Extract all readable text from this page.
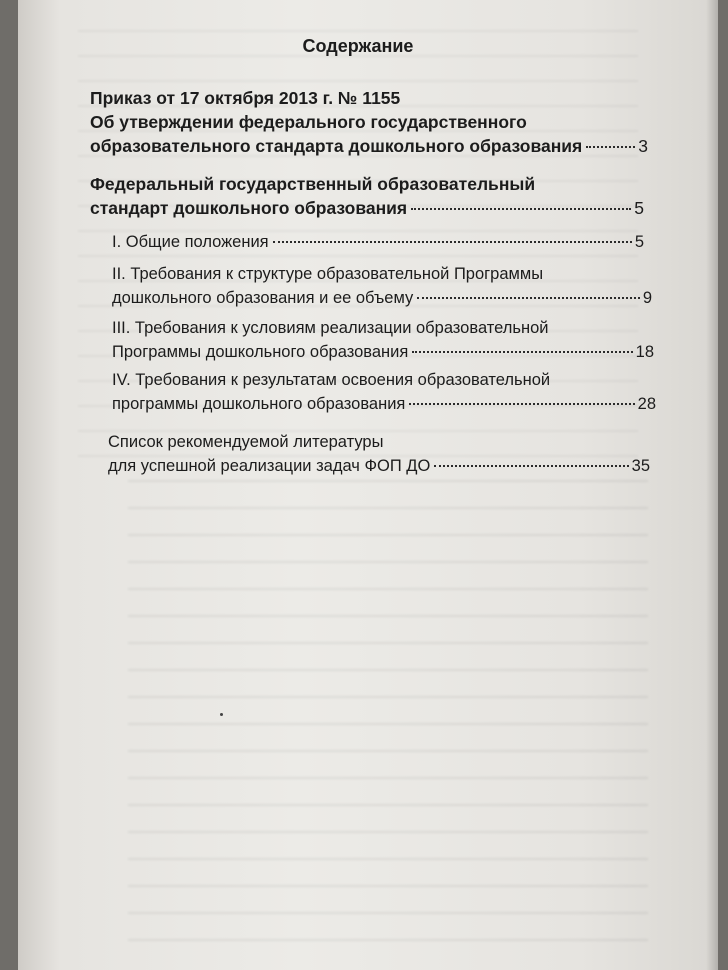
Содержание
Приказ от 17 октября 2013 г. № 1155
Об утверждении федерального государственного
образовательного стандарта дошкольного образования	3
Федеральный государственный образовательный
стандарт дошкольного образования	5
I. Общие положения	5
II. Требования к структуре образовательной Программы
дошкольного образования и ее объему	9
III. Требования к условиям реализации образовательной
Программы дошкольного образования	18
IV. Требования к результатам освоения образовательной
программы дошкольного образования	28
Список рекомендуемой литературы
для успешной реализации задач ФОП ДО	35
